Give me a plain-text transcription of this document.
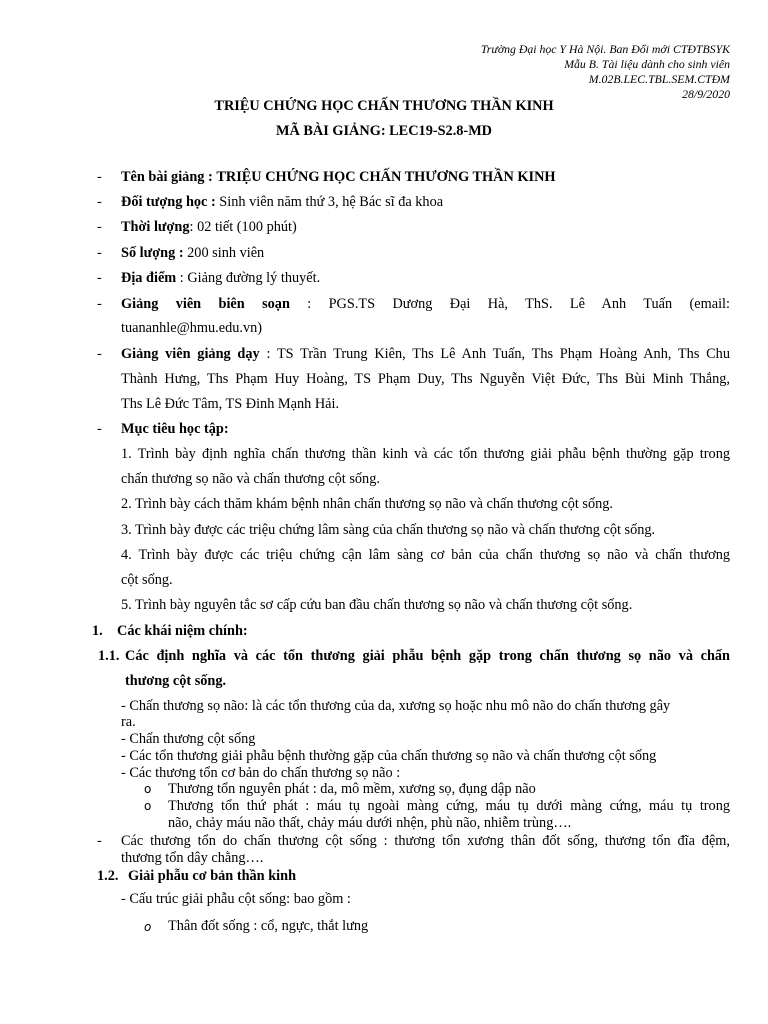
Trường Đại học Y Hà Nội. Ban Đổi mới CTĐTBSYK
Mẫu B. Tài liệu dành cho sinh viên
M.02B.LEC.TBL.SEM.CTĐM
28/9/2020
TRIỆU CHỨNG HỌC CHẤN THƯƠNG THẦN KINH
MÃ BÀI GIẢNG: LEC19-S2.8-MD
- Tên bài giảng : TRIỆU CHỨNG HỌC CHẤN THƯƠNG THẦN KINH
- Đối tượng học : Sinh viên năm thứ 3, hệ Bác sĩ đa khoa
- Thời lượng: 02 tiết (100 phút)
- Số lượng : 200 sinh viên
- Địa điểm : Giảng đường lý thuyết.
- Giảng viên biên soạn : PGS.TS Dương Đại Hà, ThS. Lê Anh Tuấn (email:
tuananhle@hmu.edu.vn)
- Giảng viên giảng dạy : TS Trần Trung Kiên, Ths Lê Anh Tuấn, Ths Phạm Hoàng Anh, Ths Chu
Thành Hưng, Ths Phạm Huy Hoàng, TS Phạm Duy, Ths Nguyễn Việt Đức, Ths Bùi Minh Thắng,
Ths Lê Đức Tâm, TS Đinh Mạnh Hải.
- Mục tiêu học tập:
1. Trình bày định nghĩa chấn thương thần kinh và các tổn thương giải phẫu bệnh thường gặp trong
chấn thương sọ não và chấn thương cột sống.
2. Trình bày cách thăm khám bệnh nhân chấn thương sọ não và chấn thương cột sống.
3. Trình bày được các triệu chứng lâm sàng của chấn thương sọ não và chấn thương cột sống.
4. Trình bày được các triệu chứng cận lâm sàng cơ bản của chấn thương sọ não và chấn thương
cột sống.
5. Trình bày nguyên tắc sơ cấp cứu ban đầu chấn thương sọ não và chấn thương cột sống.
1. Các khái niệm chính:
1.1. Các định nghĩa và các tổn thương giải phẫu bệnh gặp trong chấn thương sọ não và chấn
thương cột sống.
- Chấn thương sọ não: là các tổn thương của da, xương sọ hoặc nhu mô não do chấn thương gây
ra.
- Chấn thương cột sống
- Các tổn thương giải phẫu bệnh thường gặp của chấn thương sọ não và chấn thương cột sống
- Các thương tổn cơ bản do chấn thương sọ não :
o Thương tổn nguyên phát : da, mô mềm, xương sọ, đụng dập não
o Thương tổn thứ phát : máu tụ ngoài màng cứng, máu tụ dưới màng cứng, máu tụ trong
não, chảy máu não thất, chảy máu dưới nhện, phù não, nhiễm trùng….
- Các thương tổn do chấn thương cột sống : thương tổn xương thân đốt sống, thương tổn đĩa đệm,
thương tổn dây chằng….
1.2. Giải phẫu cơ bản thần kinh
- Cấu trúc giải phẫu cột sống: bao gồm :
o Thân đốt sống : cổ, ngực, thắt lưng
